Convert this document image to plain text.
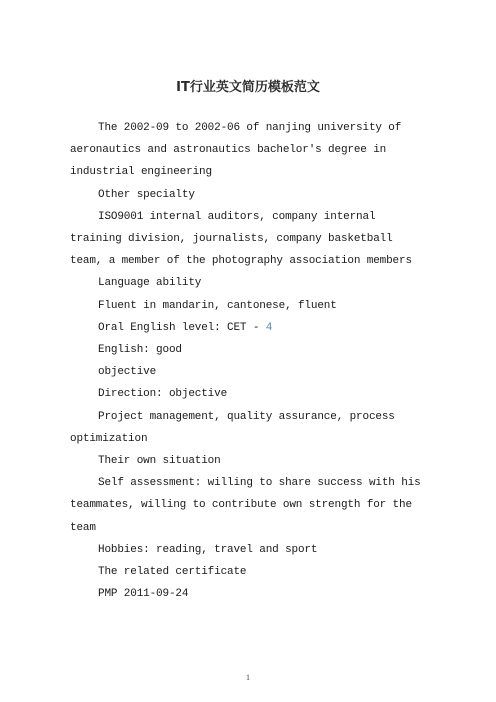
IT行业英文简历模板范文

The 2002-09 to 2002-06 of nanjing university of aeronautics and astronautics bachelor's degree in industrial engineering

Other specialty

ISO9001 internal auditors, company internal training division, journalists, company basketball team, a member of the photography association members

Language ability

Fluent in mandarin, cantonese, fluent

Oral English level: CET - 4

English: good

objective

Direction: objective

Project management, quality assurance, process optimization

Their own situation

Self assessment: willing to share success with his teammates, willing to contribute own strength for the team

Hobbies: reading, travel and sport

The related certificate

PMP 2011-09-24

1
